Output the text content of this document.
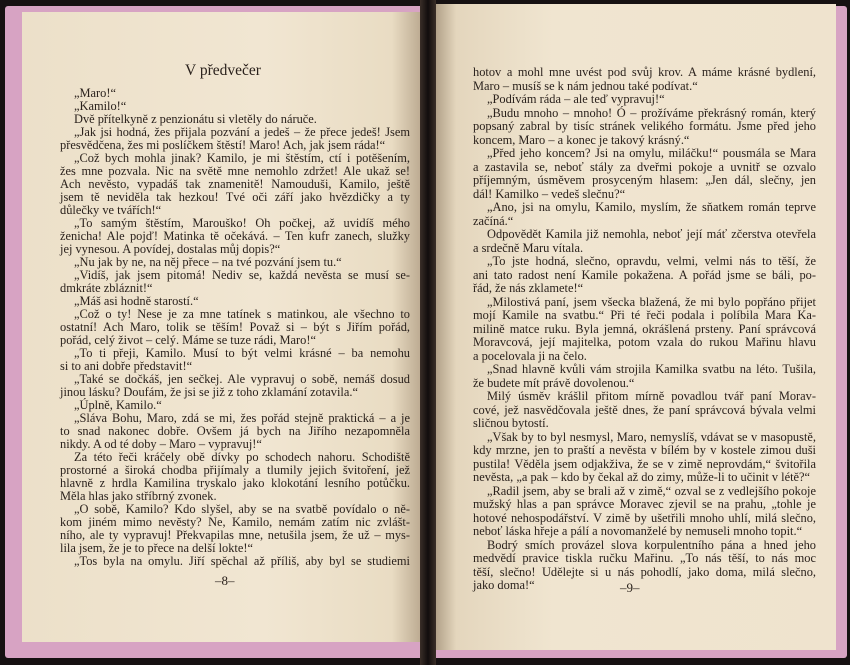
V předvečer
„Maro!“
„Kamilo!“
Dvě přítelkyně z penzionátu si vletěly do náruče.
„Jak jsi hodná, žes přijala pozvání a jedeš – že přece jedeš! Jsem
přesvědčena, žes mi poslíčkem štěstí! Maro! Ach, jak jsem ráda!“
„Což bych mohla jinak? Kamilo, je mi štěstím, ctí i potěšením,
žes mne pozvala. Nic na světě mne nemohlo zdržet! Ale ukaž se!
Ach nevěsto, vypadáš tak znamenitě! Namouduši, Kamilo, ještě
jsem tě neviděla tak hezkou! Tvé oči září jako hvězdičky a ty
důlečky ve tvářích!“
„To samým štěstím, Marouško! Oh počkej, až uvidíš mého
ženicha! Ale pojď! Matinka tě očekává. – Ten kufr zanech, služky
jej vynesou. A povídej, dostalas můj dopis?“
„Nu jak by ne, na něj přece – na tvé pozvání jsem tu.“
„Vidíš, jak jsem pitomá! Nediv se, každá nevěsta se musí se-
dmkráte zbláznit!“
„Máš asi hodně starostí.“
„Což o ty! Nese je za mne tatínek s matinkou, ale všechno to
ostatní! Ach Maro, tolik se těším! Považ si – být s Jiřím pořád,
pořád, celý život – celý. Máme se tuze rádi, Maro!“
„To ti přeji, Kamilo. Musí to být velmi krásné – ba nemohu
si to ani dobře představit!“
„Také se dočkáš, jen sečkej. Ale vypravuj o sobě, nemáš dosud
jinou lásku? Doufám, že jsi se již z toho zklamání zotavila.“
„Úplně, Kamilo.“
„Sláva Bohu, Maro, zdá se mi, žes pořád stejně praktická – a je
to snad nakonec dobře. Ovšem já bych na Jiřího nezapomněla
nikdy. A od té doby – Maro – vypravuj!“
Za této řeči kráčely obě dívky po schodech nahoru. Schodiště
prostorné a široká chodba přijímaly a tlumily jejich švitoření, jež
hlavně z hrdla Kamilina tryskalo jako klokotání lesního potůčku.
Měla hlas jako stříbrný zvonek.
„O sobě, Kamilo? Kdo slyšel, aby se na svatbě povídalo o ně-
kom jiném mimo nevěsty? Ne, Kamilo, nemám zatím nic zvlášt-
ního, ale ty vypravuj! Překvapilas mne, netušila jsem, že už – mys-
lila jsem, že je to přece na delší lokte!“
„Tos byla na omylu. Jiří spěchal až příliš, aby byl se studiemi
–8–
hotov a mohl mne uvést pod svůj krov. A máme krásné bydlení,
Maro – musíš se k nám jednou také podívat.“
„Podívám ráda – ale teď vypravuj!“
„Budu mnoho – mnoho! Ó – prožíváme překrásný román, který
popsaný zabral by tisíc stránek velikého formátu. Jsme před jeho
koncem, Maro – a konec je takový krásný.“
„Před jeho koncem? Jsi na omylu, miláčku!“ pousmála se Mara
a zastavila se, neboť stály za dveřmi pokoje a uvnitř se ozvalo
příjemným, úsměvem prosyceným hlasem: „Jen dál, slečny, jen
dál! Kamilko – vedeš slečnu?“
„Ano, jsi na omylu, Kamilo, myslím, že sňatkem román teprve
začíná.“
Odpovědět Kamila již nemohla, neboť její máť zčerstva otevřela
a srdečně Maru vítala.
„To jste hodná, slečno, opravdu, velmi, velmi nás to těší, že
ani tato radost není Kamile pokažena. A pořád jsme se báli, po-
řád, že nás zklamete!“
„Milostivá paní, jsem všecka blažená, že mi bylo popřáno přijet
mojí Kamile na svatbu.“ Při té řeči podala i políbila Mara Ka-
milině matce ruku. Byla jemná, okrášlená prsteny. Paní správcová
Moravcová, její majitelka, potom vzala do rukou Mařinu hlavu
a pocelovala ji na čelo.
„Snad hlavně kvůli vám strojila Kamilka svatbu na léto. Tušila,
že budete mít právě dovolenou.“
Milý úsměv krášlil přitom mírně povadlou tvář paní Morav-
cové, jež nasvědčovala ještě dnes, že paní správcová bývala velmi
sličnou bytostí.
„Však by to byl nesmysl, Maro, nemyslíš, vdávat se v masopustě,
kdy mrzne, jen to praští a nevěsta v bílém by v kostele zimou duši
pustila! Věděla jsem odjakživa, že se v zimě neprovdám,“ švitořila
nevěsta, „a pak – kdo by čekal až do zimy, může-li to učinit v létě?“
„Radil jsem, aby se brali až v zimě,“ ozval se z vedlejšího pokoje
mužský hlas a pan správce Moravec zjevil se na prahu, „tohle je
hotové nehospodářství. V zimě by ušetřili mnoho uhlí, milá slečno,
neboť láska hřeje a pálí a novomanželé by nemuseli mnoho topit.“
Bodrý smích provázel slova korpulentního pána a hned jeho
medvědí pravice tiskla ručku Mařinu. „To nás těší, to nás moc
těší, slečno! Udělejte si u nás pohodlí, jako doma, milá slečno,
jako doma!“	–9–
